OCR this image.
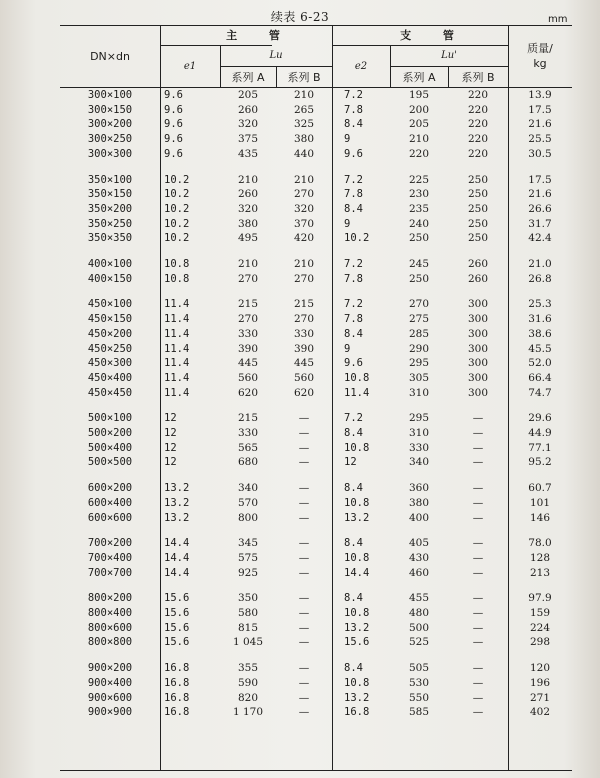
续表 6-23	mm
DN×dn
主 管	支 管
e1
Lu
系列 A	系列 B
e2
Lu'
系列 A	系列 B
质量/
kg
300×100	9.6	205	210	7.2	195	220	13.9
300×150	9.6	260	265	7.8	200	220	17.5
300×200	9.6	320	325	8.4	205	220	21.6
300×250	9.6	375	380	9	210	220	25.5
300×300	9.6	435	440	9.6	220	220	30.5
350×100	10.2	210	210	7.2	225	250	17.5
350×150	10.2	260	270	7.8	230	250	21.6
350×200	10.2	320	320	8.4	235	250	26.6
350×250	10.2	380	370	9	240	250	31.7
350×350	10.2	495	420	10.2	250	250	42.4
400×100	10.8	210	210	7.2	245	260	21.0
400×150	10.8	270	270	7.8	250	260	26.8
450×100	11.4	215	215	7.2	270	300	25.3
450×150	11.4	270	270	7.8	275	300	31.6
450×200	11.4	330	330	8.4	285	300	38.6
450×250	11.4	390	390	9	290	300	45.5
450×300	11.4	445	445	9.6	295	300	52.0
450×400	11.4	560	560	10.8	305	300	66.4
450×450	11.4	620	620	11.4	310	300	74.7
500×100	12	215	—	7.2	295	—	29.6
500×200	12	330	—	8.4	310	—	44.9
500×400	12	565	—	10.8	330	—	77.1
500×500	12	680	—	12	340	—	95.2
600×200	13.2	340	—	8.4	360	—	60.7
600×400	13.2	570	—	10.8	380	—	101
600×600	13.2	800	—	13.2	400	—	146
700×200	14.4	345	—	8.4	405	—	78.0
700×400	14.4	575	—	10.8	430	—	128
700×700	14.4	925	—	14.4	460	—	213
800×200	15.6	350	—	8.4	455	—	97.9
800×400	15.6	580	—	10.8	480	—	159
800×600	15.6	815	—	13.2	500	—	224
800×800	15.6	1 045	—	15.6	525	—	298
900×200	16.8	355	—	8.4	505	—	120
900×400	16.8	590	—	10.8	530	—	196
900×600	16.8	820	—	13.2	550	—	271
900×900	16.8	1 170	—	16.8	585	—	402
